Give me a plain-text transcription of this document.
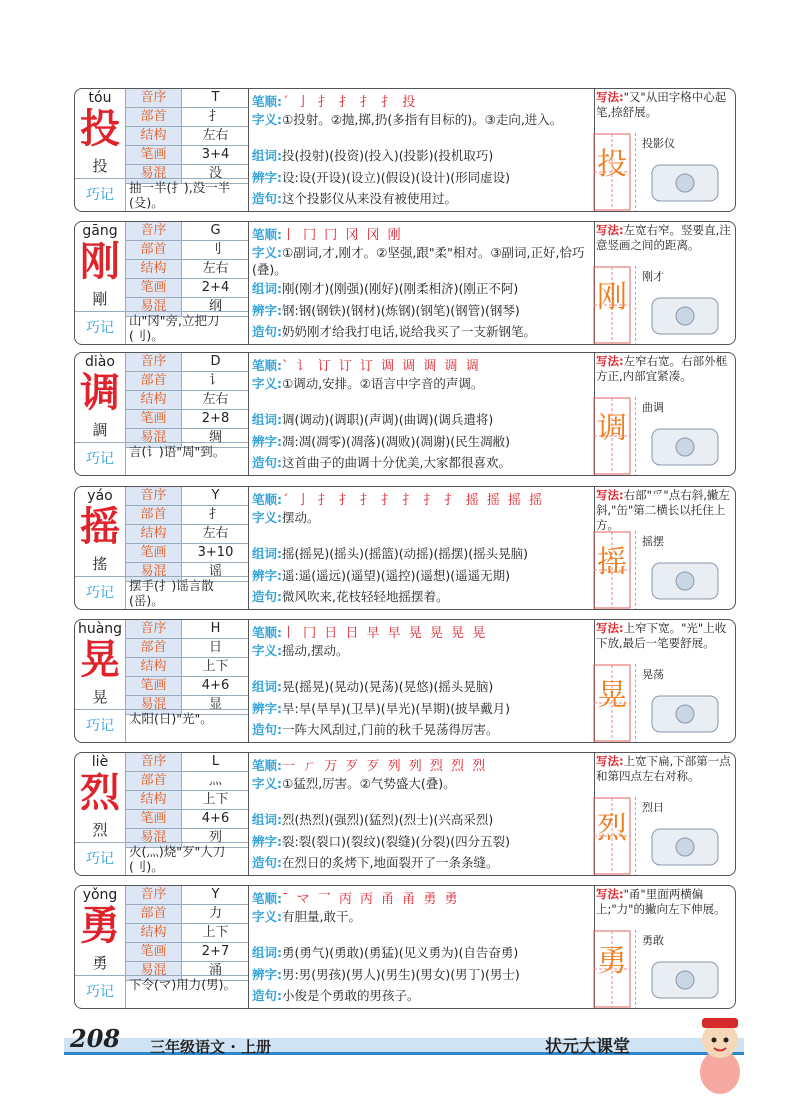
tóu
投
投
音序	T
部首	扌
结构	左右
笔画	3+4
易混	没
巧记	抽一半(扌),没一半(殳)。
笔顺:ˊ 亅 扌 扌 扌 扌 投
字义:①投射。②抛,掷,扔(多指有目标的)。③走向,进入。
组词:投(投射)(投资)(投入)(投影)(投机取巧)
辨字:设:设(开设)(设立)(假设)(设计)(形同虚设)
造句:这个投影仪从来没有被使用过。
写法:"又"从田字格中心起笔,捺舒展。
投
投影仪
gāng
刚
剛
音序	G
部首	刂
结构	左右
笔画	2+4
易混	纲
巧记	山"冈"旁,立把刀(刂)。
笔顺:丨 冂 冂 冈 冈 刚
字义:①副词,才,刚才。②坚强,跟"柔"相对。③副词,正好,恰巧(叠)。
组词:刚(刚才)(刚强)(刚好)(刚柔相济)(刚正不阿)
辨字:钢:钢(钢铁)(钢材)(炼钢)(钢笔)(钢管)(钢琴)
造句:奶奶刚才给我打电话,说给我买了一支新钢笔。
写法:左宽右窄。竖要直,注意竖画之间的距离。
刚
刚才
diào
调
調
音序	D
部首	讠
结构	左右
笔画	2+8
易混	绸
巧记	言(讠)语"周"到。
笔顺:ˋ 讠 订 订 订 调 调 调 调 调
字义:①调动,安排。②语言中字音的声调。
组词:调(调动)(调职)(声调)(曲调)(调兵遣将)
辨字:凋:凋(凋零)(凋落)(凋败)(凋谢)(民生凋敝)
造句:这首曲子的曲调十分优美,大家都很喜欢。
写法:左窄右宽。右部外框方正,内部宜紧凑。
调
曲调
yáo
摇
搖
音序	Y
部首	扌
结构	左右
笔画	3+10
易混	谣
巧记	摆手(扌)谣言散(䍃)。
笔顺:ˊ 亅 扌 扌 扌 扌 扌 扌 扌 摇 摇 摇 摇
字义:摆动。
组词:摇(摇晃)(摇头)(摇篮)(动摇)(摇摆)(摇头晃脑)
辨字:遥:遥(遥远)(遥望)(遥控)(遥想)(遥遥无期)
造句:微风吹来,花枝轻轻地摇摆着。
写法:右部"爫"点右斜,撇左斜,"缶"第二横长以托住上方。
摇
摇摆
huàng
晃
晃
音序	H
部首	日
结构	上下
笔画	4+6
易混	显
巧记	太阳(日)"光"。
笔顺:丨 冂 日 日 早 早 晃 晃 晃 晃
字义:摇动,摆动。
组词:晃(摇晃)(晃动)(晃荡)(晃悠)(摇头晃脑)
辨字:旱:旱(旱旱)(卫旱)(旱光)(旱期)(披旱戴月)
造句:一阵大风刮过,门前的秋千晃荡得厉害。
写法:上窄下宽。"光"上收下放,最后一笔要舒展。
晃
晃荡
liè
烈
烈
音序	L
部首	灬
结构	上下
笔画	4+6
易混	列
巧记	火(灬)烧"歹"人刀(刂)。
笔顺:一 ㄏ 万 歹 歹 列 列 烈 烈 烈
字义:①猛烈,厉害。②气势盛大(叠)。
组词:烈(热烈)(强烈)(猛烈)(烈士)(兴高采烈)
辨字:裂:裂(裂口)(裂纹)(裂缝)(分裂)(四分五裂)
造句:在烈日的炙烤下,地面裂开了一条条缝。
写法:上宽下扁,下部第一点和第四点左右对称。
烈
烈日
yǒng
勇
勇
音序	Y
部首	力
结构	上下
笔画	2+7
易混	涌
巧记	下令(マ)用力(男)。
笔顺:ˉ マ 乛 丙 丙 甬 甬 勇 勇
字义:有胆量,敢干。
组词:勇(勇气)(勇敢)(勇猛)(见义勇为)(自告奋勇)
辨字:男:男(男孩)(男人)(男生)(男女)(男丁)(男士)
造句:小俊是个勇敢的男孩子。
写法:"甬"里面两横偏上;"力"的撇向左下伸展。
勇
勇敢
208 三年级语文 · 上册	状元大课堂
